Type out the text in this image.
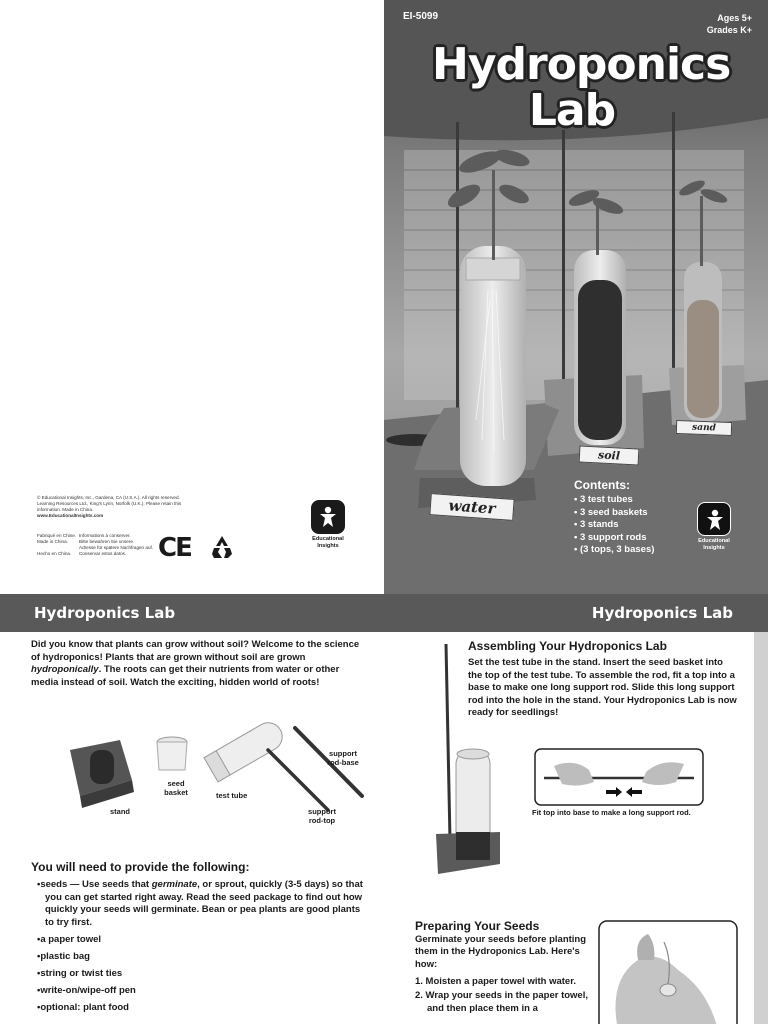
© Educational Insights, Inc., Gardena, CA (U.S.A.). All rights reserved. Learning Resources Ltd., King's Lynn, Norfolk (U.K.). Please retain this information. Made in China.
www.EducationalInsights.com
Fabriqué en Chine.
Made in China.

Hecho en China.
Informations à conserver.
Bitte bewahren Sie unsere
Adresse für spätere Nachfragen auf.
Conservar estos datos.	CE	Educational
Insights
EI-5099	Ages 5+
Grades K+
Hydroponics
Lab
water
soil
sand
Contents:
• 3 test tubes
• 3 seed baskets
• 3 stands
• 3 support rods
• (3 tops, 3 bases)
Educational
Insights
Hydroponics Lab

Did you know that plants can grow without soil? Welcome to the science of hydroponics! Plants that are grown without soil are grown hydroponically. The roots can get their nutrients from water or other media instead of soil. Watch the exciting, hidden world of roots!

stand
seed basket	test tube
support rod-base
support rod-top
You will need to provide the following:
• seeds — Use seeds that germinate, or sprout, quickly (3-5 days) so that you can get started right away. Read the seed package to find out how quickly your seeds will germinate. Bean or pea plants are good plants to try first.
• a paper towel
• plastic bag
• string or twist ties
• write-on/wipe-off pen
• optional: plant food
Hydroponics Lab
Assembling Your Hydroponics Lab

Set the test tube in the stand. Insert the seed basket into the top of the test tube. To assemble the rod, fit a top into a base to make one long support rod. Slide this long support rod into the hole in the stand. Your Hydroponics Lab is now ready for seedlings!

Fit top into base to make a long support rod.
Preparing Your Seeds

Germinate your seeds before planting them in the Hydroponics Lab. Here's how:

1. Moisten a paper towel with water.
2. Wrap your seeds in the paper towel, and then place them in a
